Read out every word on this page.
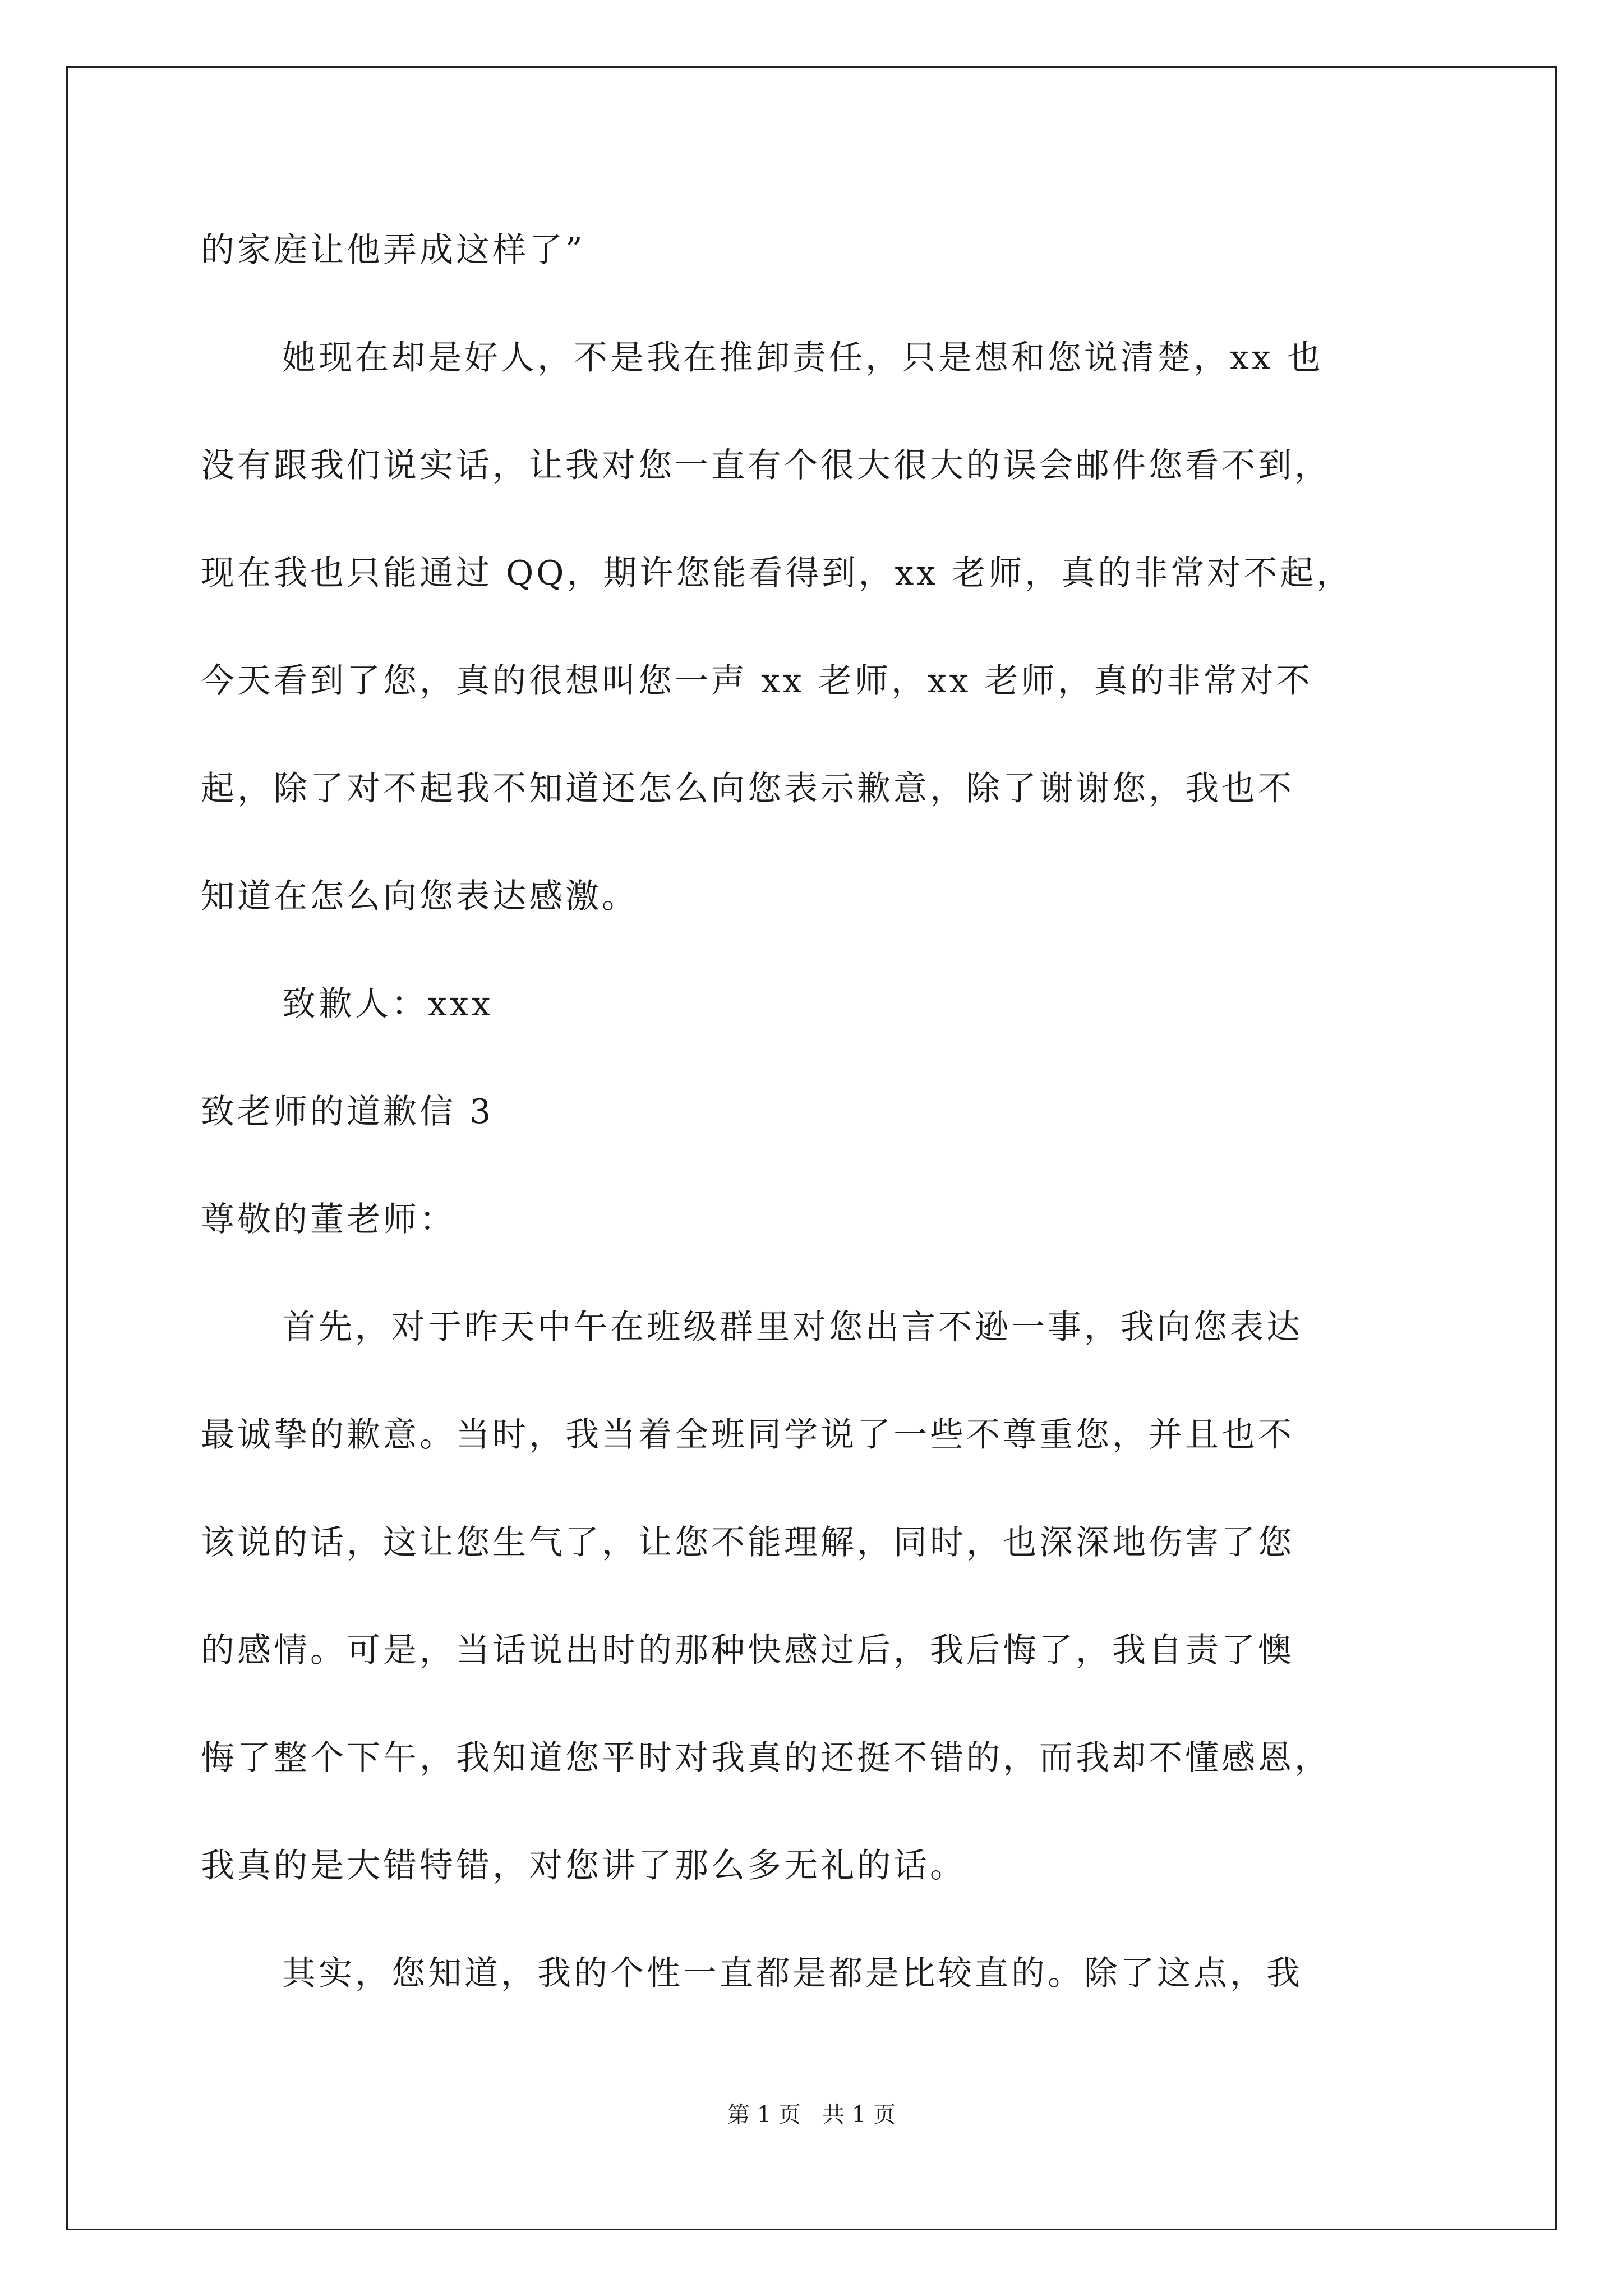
的家庭让他弄成这样了”
她现在却是好人，不是我在推卸责任，只是想和您说清楚，xx 也
没有跟我们说实话，让我对您一直有个很大很大的误会邮件您看不到，
现在我也只能通过 QQ，期许您能看得到，xx 老师，真的非常对不起，
今天看到了您，真的很想叫您一声 xx 老师，xx 老师，真的非常对不
起，除了对不起我不知道还怎么向您表示歉意，除了谢谢您，我也不
知道在怎么向您表达感激。
致歉人：xxx
致老师的道歉信 3
尊敬的董老师：
首先，对于昨天中午在班级群里对您出言不逊一事，我向您表达
最诚挚的歉意。当时，我当着全班同学说了一些不尊重您，并且也不
该说的话，这让您生气了，让您不能理解，同时，也深深地伤害了您
的感情。可是，当话说出时的那种快感过后，我后悔了，我自责了懊
悔了整个下午，我知道您平时对我真的还挺不错的，而我却不懂感恩，
我真的是大错特错，对您讲了那么多无礼的话。
其实，您知道，我的个性一直都是都是比较直的。除了这点，我
第 1 页   共 1 页
